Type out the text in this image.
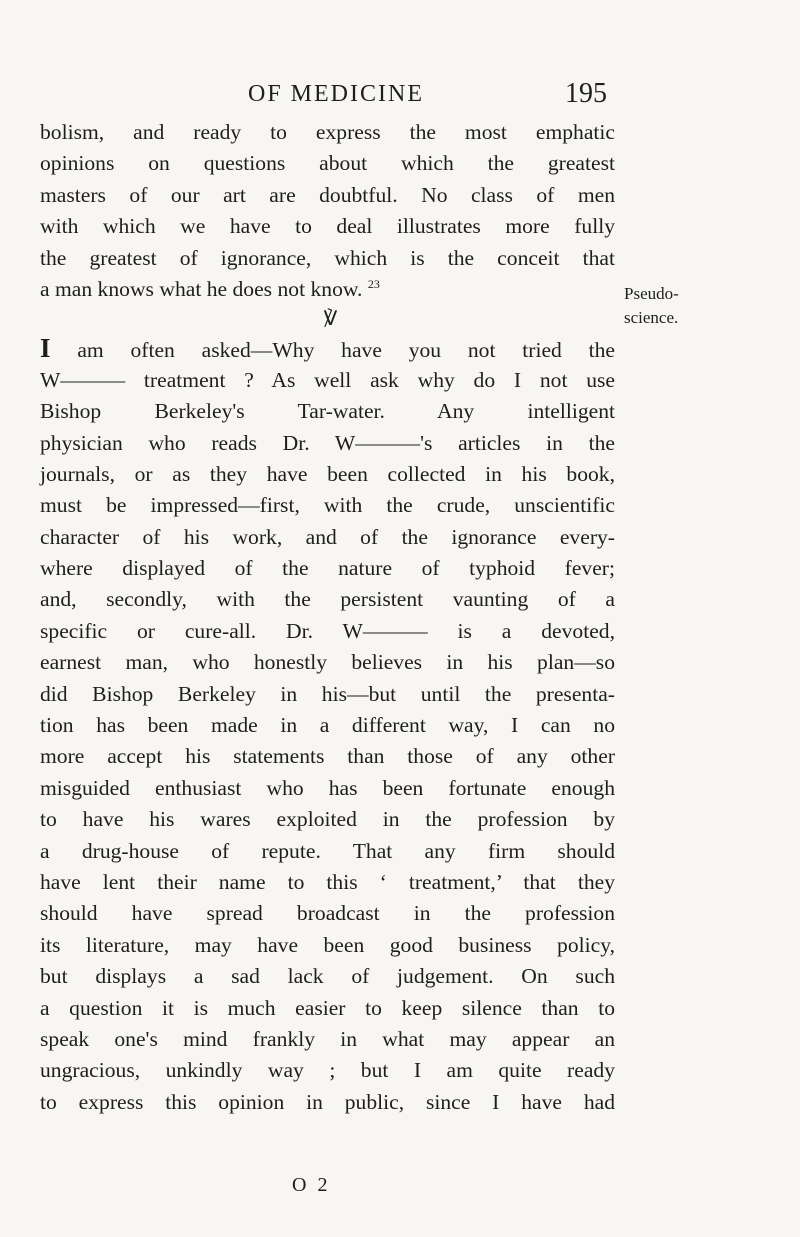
OF MEDICINE	195
bolism, and ready to express the most emphatic
opinions on questions about which the greatest
masters of our art are doubtful. No class of men
with which we have to deal illustrates more fully
the greatest of ignorance, which is the conceit that
a man knows what he does not know. $^{23}$
℣
I am often asked—Why have you not tried the
W——— treatment ? As well ask why do I not use
Bishop Berkeley's Tar-water. Any intelligent
physician who reads Dr. W———'s articles in the
journals, or as they have been collected in his book,
must be impressed—first, with the crude, unscientific
character of his work, and of the ignorance every-
where displayed of the nature of typhoid fever;
and, secondly, with the persistent vaunting of a
specific or cure-all. Dr. W——— is a devoted,
earnest man, who honestly believes in his plan—so
did Bishop Berkeley in his—but until the presenta-
tion has been made in a different way, I can no
more accept his statements than those of any other
misguided enthusiast who has been fortunate enough
to have his wares exploited in the profession by
a drug-house of repute. That any firm should
have lent their name to this ‘ treatment,’ that they
should have spread broadcast in the profession
its literature, may have been good business policy,
but displays a sad lack of judgement. On such
a question it is much easier to keep silence than to
speak one's mind frankly in what may appear an
ungracious, unkindly way ; but I am quite ready
to express this opinion in public, since I have had
Pseudo-
science.
O 2
